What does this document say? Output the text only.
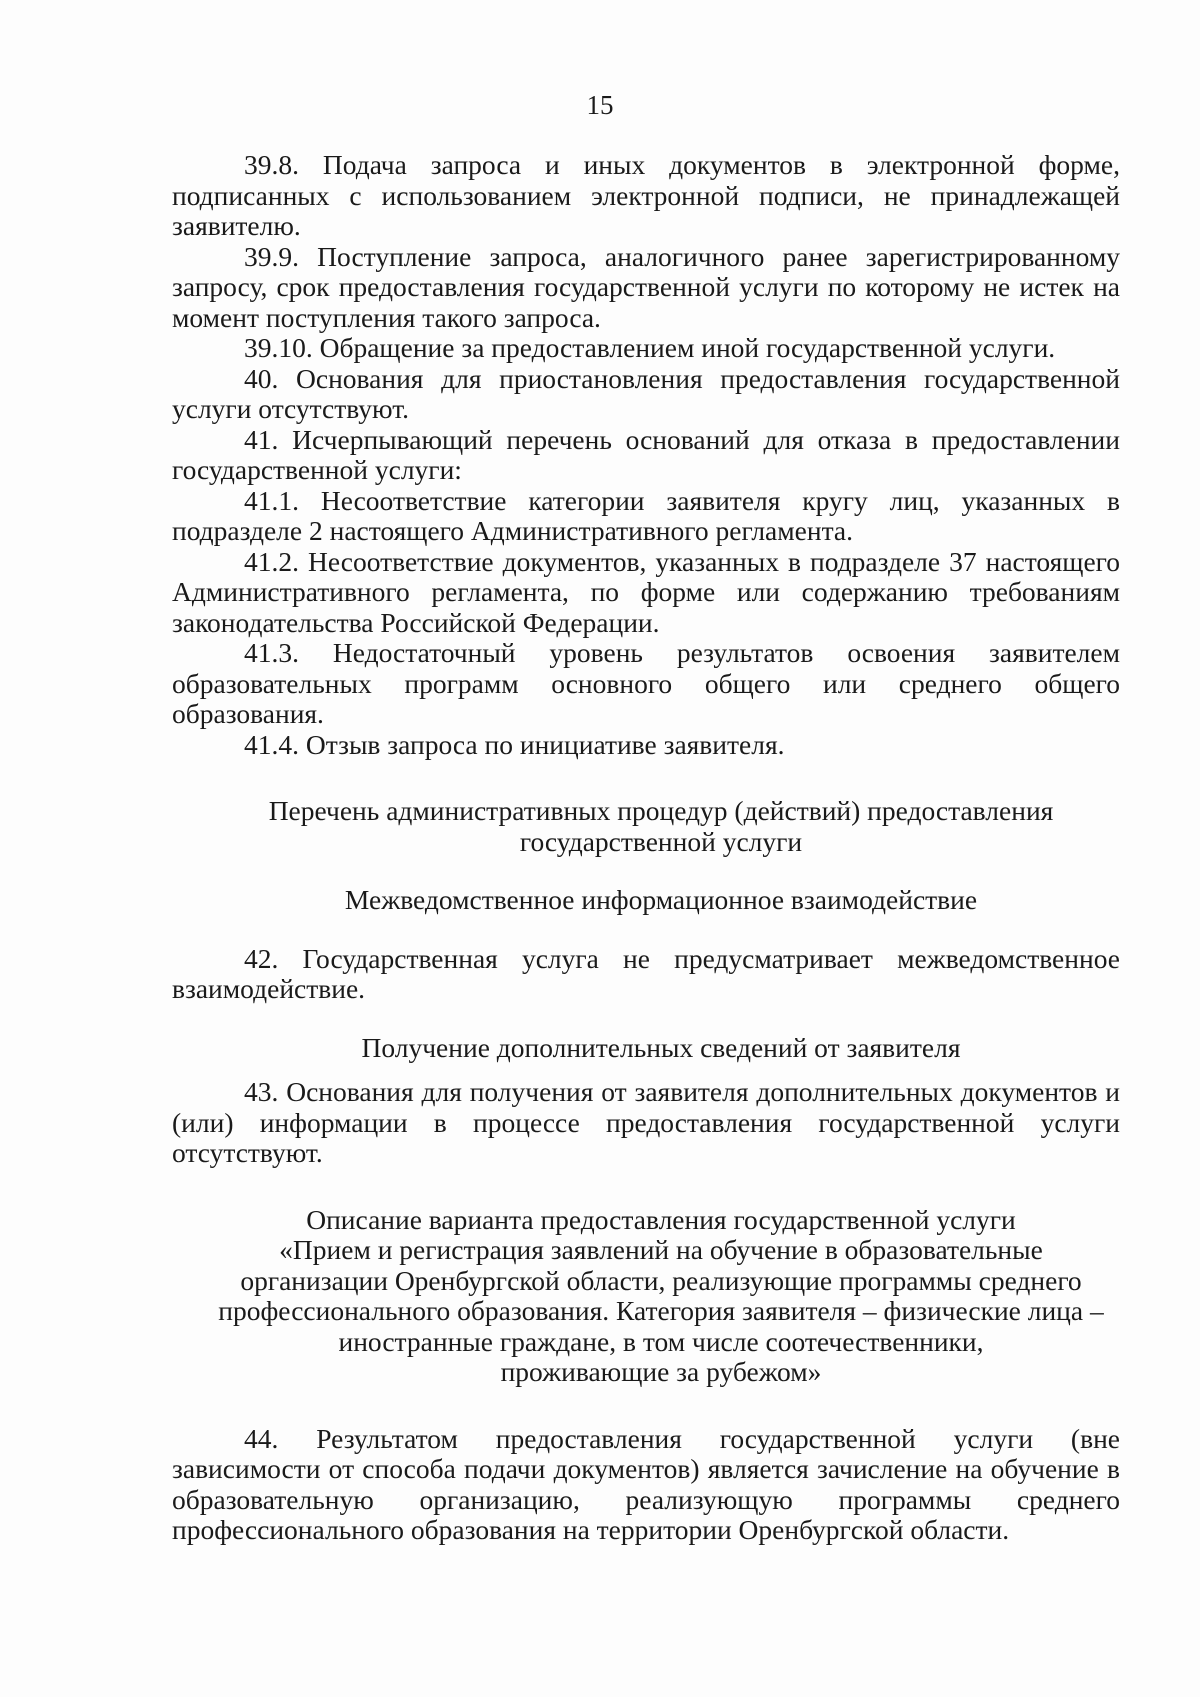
15

39.8. Подача запроса и иных документов в электронной форме, подписанных с использованием электронной подписи, не принадлежащей заявителю.

39.9. Поступление запроса, аналогичного ранее зарегистрированному запросу, срок предоставления государственной услуги по которому не истек на момент поступления такого запроса.

39.10. Обращение за предоставлением иной государственной услуги.

40. Основания для приостановления предоставления государственной услуги отсутствуют.

41. Исчерпывающий перечень оснований для отказа в предоставлении государственной услуги:

41.1. Несоответствие категории заявителя кругу лиц, указанных в подразделе 2 настоящего Административного регламента.

41.2. Несоответствие документов, указанных в подразделе 37 настоящего Административного регламента, по форме или содержанию требованиям законодательства Российской Федерации.

41.3. Недостаточный уровень результатов освоения заявителем образовательных программ основного общего или среднего общего образования.

41.4. Отзыв запроса по инициативе заявителя.

Перечень административных процедур (действий) предоставления

государственной услуги

Межведомственное информационное взаимодействие

42. Государственная услуга не предусматривает межведомственное взаимодействие.

Получение дополнительных сведений от заявителя

43. Основания для получения от заявителя дополнительных документов и (или) информации в процессе предоставления государственной услуги отсутствуют.

Описание варианта предоставления государственной услуги

«Прием и регистрация заявлений на обучение в образовательные

организации Оренбургской области, реализующие программы среднего

профессионального образования. Категория заявителя – физические лица –

иностранные граждане, в том числе соотечественники,

проживающие за рубежом»

44. Результатом предоставления государственной услуги (вне зависимости от способа подачи документов) является зачисление на обучение в образовательную организацию, реализующую программы среднего профессионального образования на территории Оренбургской области.
